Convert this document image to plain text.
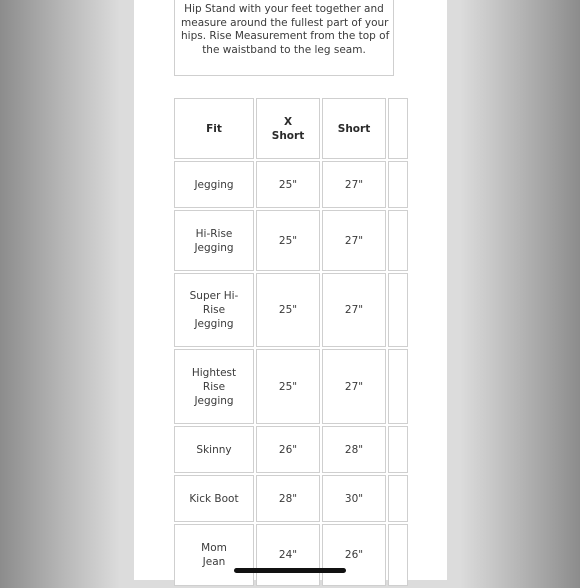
Hip Stand with your feet together and
measure around the fullest part of your
hips. Rise Measurement from the top of
the waistband to the leg seam.
Fit	X Short	Short	
Jegging	25"	27"	
Hi-Rise Jegging	25"	27"	
Super Hi-Rise Jegging	25"	27"	
Hightest Rise Jegging	25"	27"	
Skinny	26"	28"	
Kick Boot	28"	30"	
Mom Jean	24"	26"	
